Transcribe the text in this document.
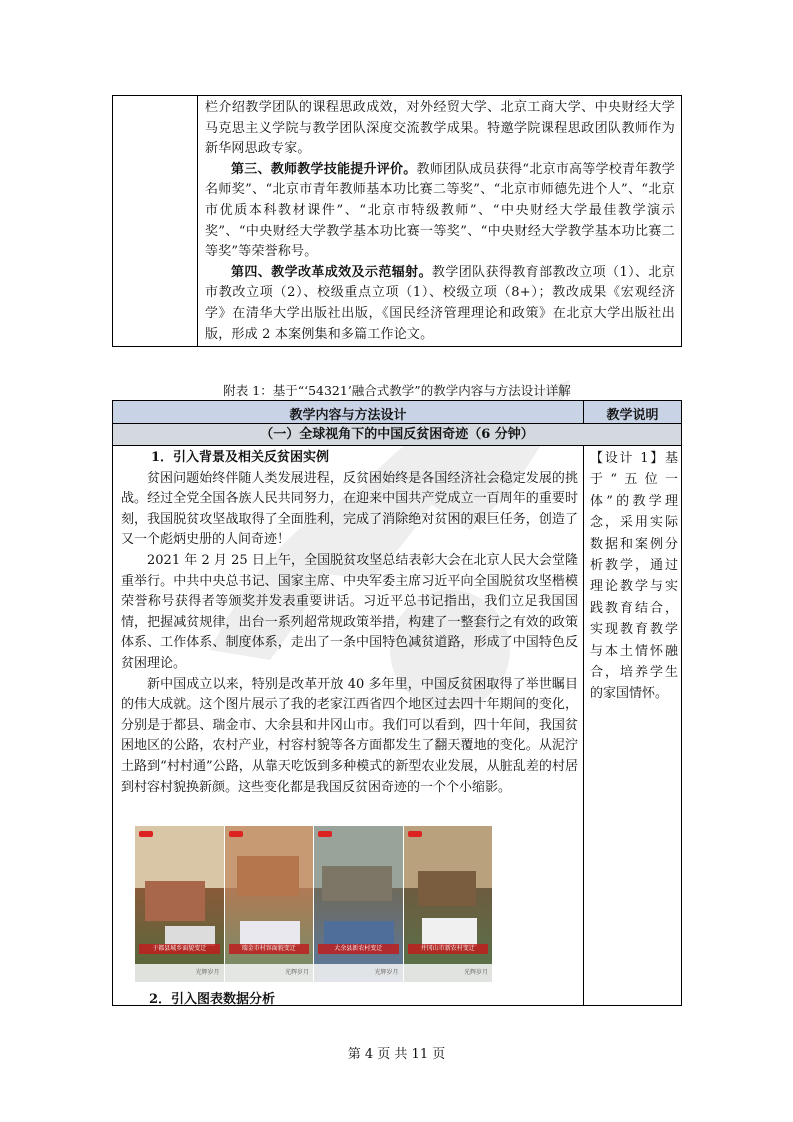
栏介绍教学团队的课程思政成效，对外经贸大学、北京工商大学、中央财经大学马克思主义学院与教学团队深度交流教学成果。特邀学院课程思政团队教师作为新华网思政专家。

第三、教师教学技能提升评价。教师团队成员获得“北京市高等学校青年教学名师奖”、“北京市青年教师基本功比赛二等奖”、“北京市师德先进个人”、“北京市优质本科教材课件”、“北京市特级教师”、“中央财经大学最佳教学演示奖”、“中央财经大学教学基本功比赛一等奖”、“中央财经大学教学基本功比赛二等奖”等荣誉称号。

第四、教学改革成效及示范辐射。教学团队获得教育部教改立项（1）、北京市教改立项（2）、校级重点立项（1）、校级立项（8+）；教改成果《宏观经济学》在清华大学出版社出版，《国民经济管理理论和政策》在北京大学出版社出版，形成 2 本案例集和多篇工作论文。

附表 1：基于“‘54321’融合式教学”的教学内容与方法设计详解
教学内容与方法设计	教学说明
（一）全球视角下的中国反贫困奇迹（6 分钟）

1．引入背景及相关反贫困实例

贫困问题始终伴随人类发展进程，反贫困始终是各国经济社会稳定发展的挑战。经过全党全国各族人民共同努力，在迎来中国共产党成立一百周年的重要时刻，我国脱贫攻坚战取得了全面胜利，完成了消除绝对贫困的艰巨任务，创造了又一个彪炳史册的人间奇迹！

2021 年 2 月 25 日上午，全国脱贫攻坚总结表彰大会在北京人民大会堂隆重举行。中共中央总书记、国家主席、中央军委主席习近平向全国脱贫攻坚楷模荣誉称号获得者等颁奖并发表重要讲话。习近平总书记指出，我们立足我国国情，把握减贫规律，出台一系列超常规政策举措，构建了一整套行之有效的政策体系、工作体系、制度体系，走出了一条中国特色减贫道路，形成了中国特色反贫困理论。

新中国成立以来，特别是改革开放 40 多年里，中国反贫困取得了举世瞩目的伟大成就。这个图片展示了我的老家江西省四个地区过去四十年期间的变化，分别是于都县、瑞金市、大余县和井冈山市。我们可以看到，四十年间，我国贫困地区的公路，农村产业，村容村貌等各方面都发生了翻天覆地的变化。从泥泞土路到“村村通”公路，从靠天吃饭到多种模式的新型农业发展，从脏乱差的村居到村容村貌换新颜。这些变化都是我国反贫困奇迹的一个个小缩影。

【设计 1】基于“五位一体”的教学理念，采用实际数据和案例分析教学，通过理论教学与实践教育结合，实现教育教学与本土情怀融合，培养学生的家国情怀。
于都县城乡面貌变迁
光辉岁月
瑞金市村容面貌变迁
光辉岁月
大余县新农村变迁
光辉岁月
井冈山市新农村变迁
光辉岁月
2．引入图表数据分析
第 4 页 共 11 页
